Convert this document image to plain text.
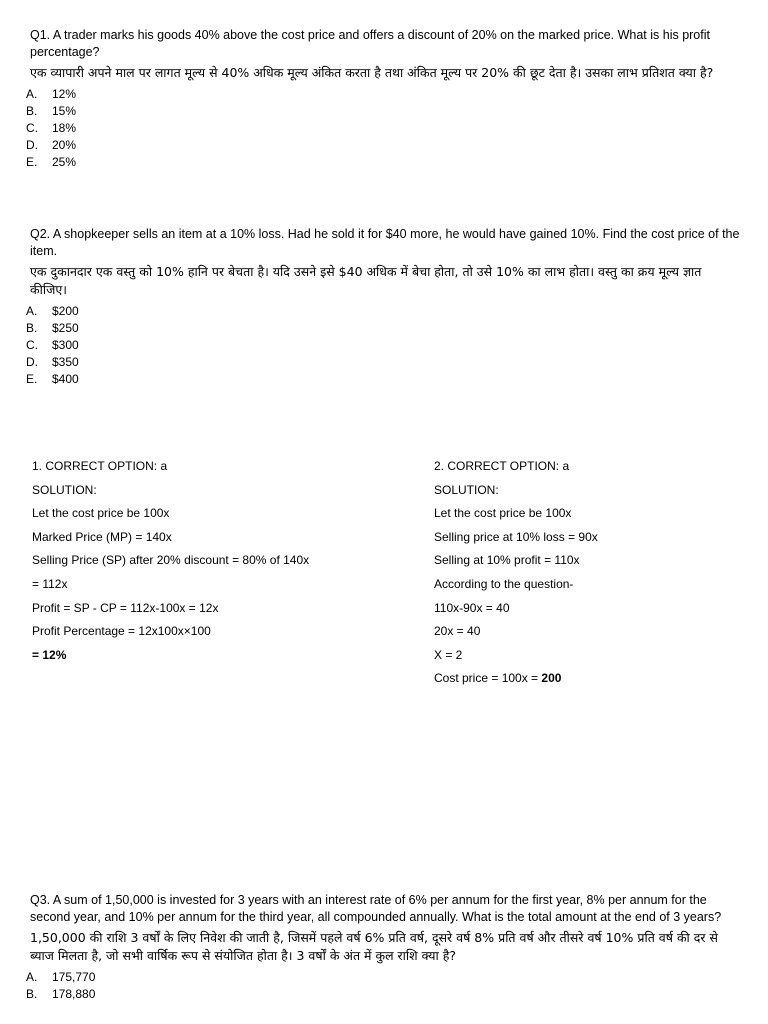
Q1. A trader marks his goods 40% above the cost price and offers a discount of 20% on the marked price. What is his profit percentage?
एक व्यापारी अपने माल पर लागत मूल्य से 40% अधिक मूल्य अंकित करता है तथा अंकित मूल्य पर 20% की छूट देता है। उसका लाभ प्रतिशत क्या है?
A.	12%
B.	15%
C.	18%
D.	20%
E.	25%
Q2. A shopkeeper sells an item at a 10% loss. Had he sold it for $40 more, he would have gained 10%. Find the cost price of the item.
एक दुकानदार एक वस्तु को 10% हानि पर बेचता है। यदि उसने इसे $40 अधिक में बेचा होता, तो उसे 10% का लाभ होता। वस्तु का क्रय मूल्य ज्ञात कीजिए।
A.	$200
B.	$250
C.	$300
D.	$350
E.	$400
1. CORRECT OPTION: a
SOLUTION:
Let the cost price be 100x
Marked Price (MP) = 140x
Selling Price (SP) after 20% discount = 80% of 140x
= 112x
Profit = SP - CP = 112x-100x = 12x
Profit Percentage = 12x100x×100
= 12%
2. CORRECT OPTION: a
SOLUTION:
Let the cost price be 100x
Selling price at 10% loss = 90x
Selling at 10% profit = 110x
According to the question-
110x-90x = 40
20x = 40
X = 2
Cost price = 100x = 200
Q3. A sum of 1,50,000 is invested for 3 years with an interest rate of 6% per annum for the first year, 8% per annum for the second year, and 10% per annum for the third year, all compounded annually. What is the total amount at the end of 3 years?
1,50,000 की राशि 3 वर्षों के लिए निवेश की जाती है, जिसमें पहले वर्ष 6% प्रति वर्ष, दूसरे वर्ष 8% प्रति वर्ष और तीसरे वर्ष 10% प्रति वर्ष की दर से ब्याज मिलता है, जो सभी वार्षिक रूप से संयोजित होता है। 3 वर्षों के अंत में कुल राशि क्या है?
A.	175,770
B.	178,880
